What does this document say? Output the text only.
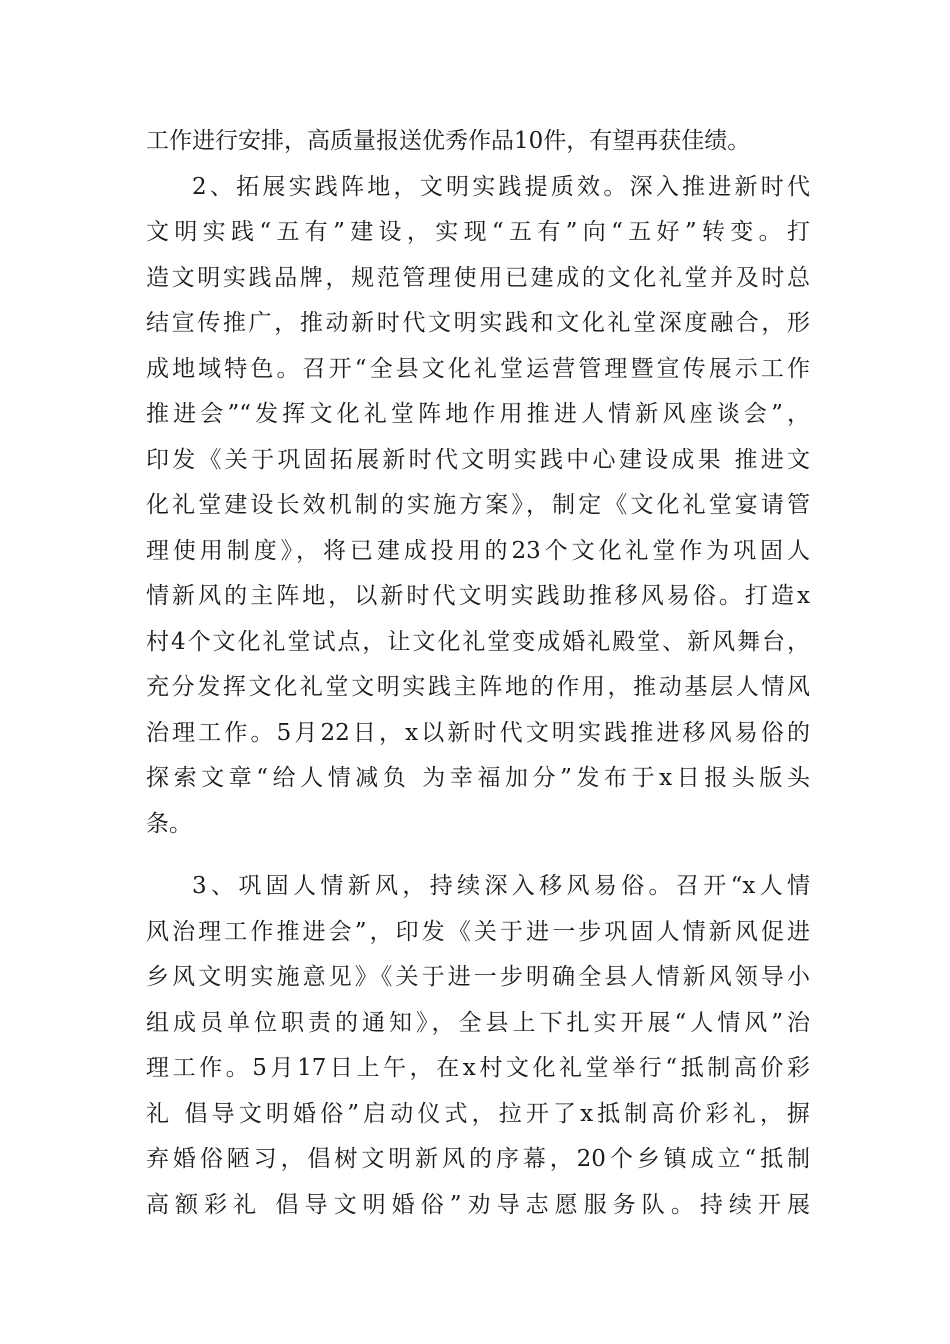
工作进行安排，高质量报送优秀作品10件，有望再获佳绩。
2、拓展实践阵地，文明实践提质效。深入推进新时代
文明实践“五有”建设，实现“五有”向“五好”转变。打
造文明实践品牌，规范管理使用已建成的文化礼堂并及时总
结宣传推广，推动新时代文明实践和文化礼堂深度融合，形
成地域特色。召开“全县文化礼堂运营管理暨宣传展示工作
推进会”“发挥文化礼堂阵地作用推进人情新风座谈会”，
印发《关于巩固拓展新时代文明实践中心建设成果 推进文
化礼堂建设长效机制的实施方案》，制定《文化礼堂宴请管
理使用制度》，将已建成投用的23个文化礼堂作为巩固人
情新风的主阵地，以新时代文明实践助推移风易俗。打造x
村4个文化礼堂试点，让文化礼堂变成婚礼殿堂、新风舞台，
充分发挥文化礼堂文明实践主阵地的作用，推动基层人情风
治理工作。5月22日，x以新时代文明实践推进移风易俗的
探索文章“给人情减负 为幸福加分”发布于x日报头版头
条。
3、巩固人情新风，持续深入移风易俗。召开“x人情
风治理工作推进会”，印发《关于进一步巩固人情新风促进
乡风文明实施意见》《关于进一步明确全县人情新风领导小
组成员单位职责的通知》，全县上下扎实开展“人情风”治
理工作。5月17日上午，在x村文化礼堂举行“抵制高价彩
礼 倡导文明婚俗”启动仪式，拉开了x抵制高价彩礼，摒
弃婚俗陋习，倡树文明新风的序幕，20个乡镇成立“抵制
高额彩礼 倡导文明婚俗”劝导志愿服务队。持续开展
